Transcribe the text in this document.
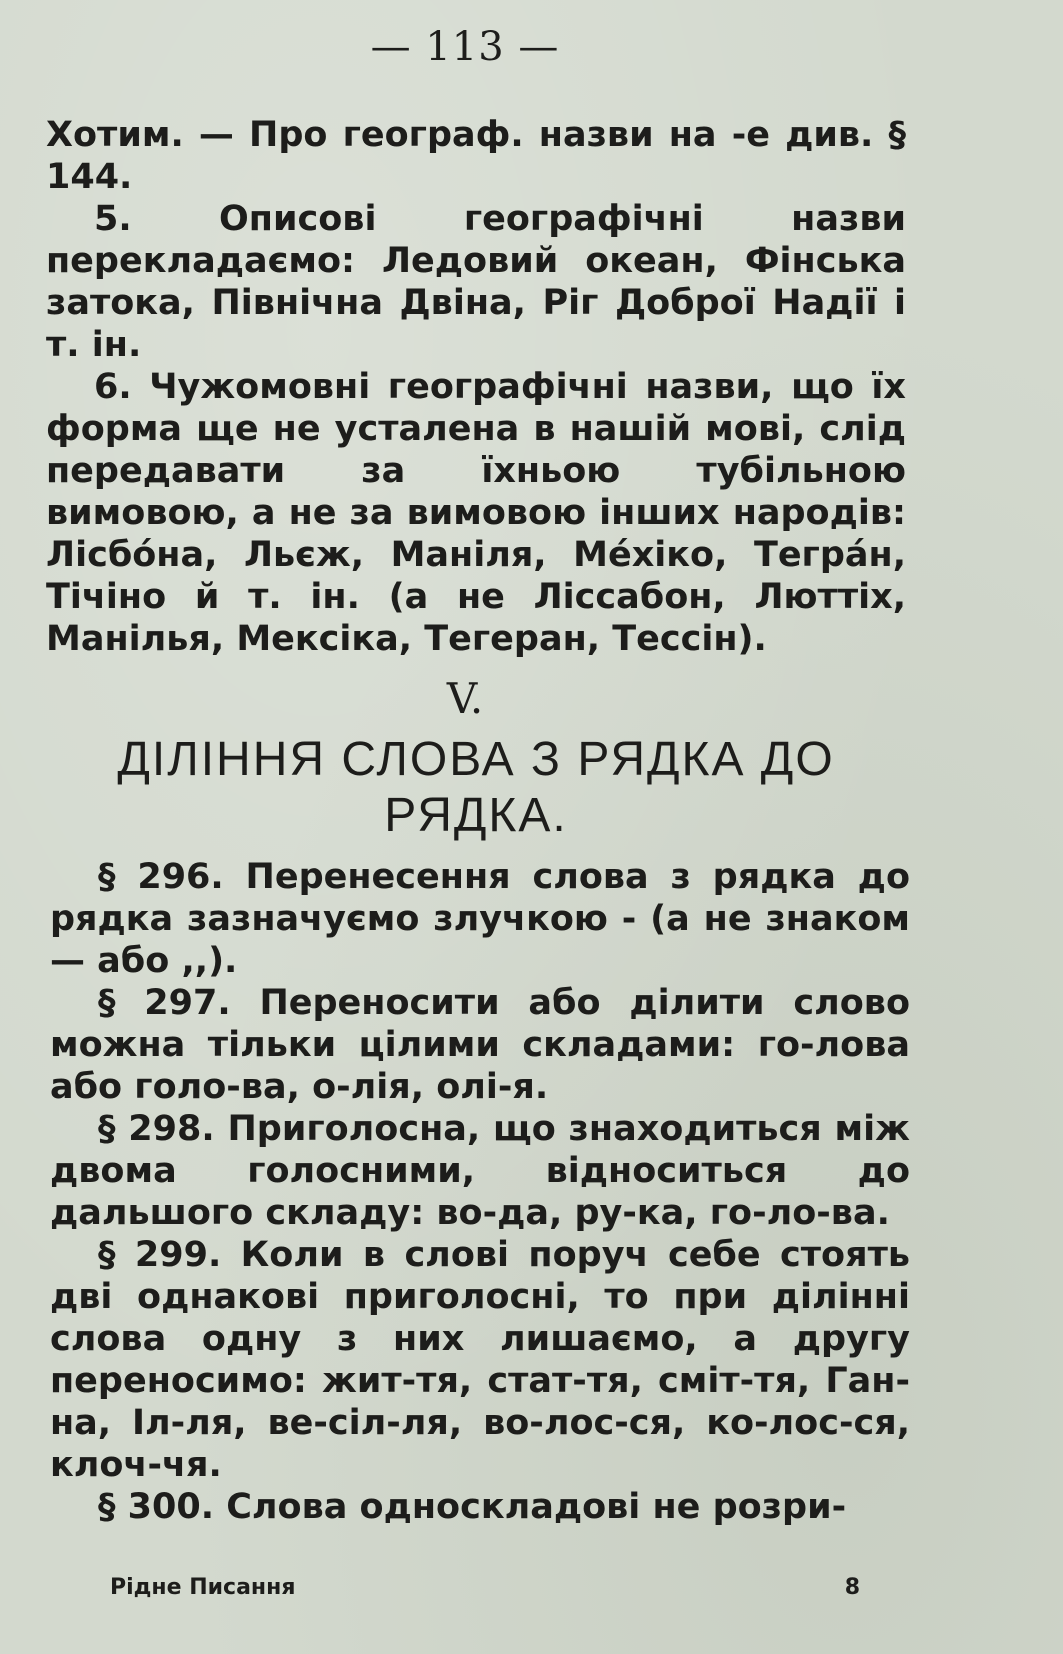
— 113 —

Хотим. — Про географ. назви на -е див. § 144.

5. Описові географічні назви перекладаємо: Ледовий океан, Фінська затока, Північна Двіна, Ріг Доброї Надії і т. ін.

6. Чужомовні географічні назви, що їх форма ще не усталена в нашій мові, слід передавати за їхньою тубільною вимовою, а не за вимовою інших народів: Лісбо́на, Льєж, Маніля, Ме́хіко, Тегра́н, Тічіно й т. ін. (а не Ліссабон, Люттіх, Манілья, Мексіка, Тегеран, Тессін).

V.
ДІЛІННЯ СЛОВА З РЯДКА ДО РЯДКА.

§ 296. Перенесення слова з рядка до рядка зазначуємо злучкою - (а не знаком — або ,,).

§ 297. Переносити або ділити слово можна тільки цілими складами: го-лова або голо-ва, о-лія, олі-я.

§ 298. Приголосна, що знаходиться між двома голосними, відноситься до дальшого складу: во-да, ру-ка, го-ло-ва.

§ 299. Коли в слові поруч себе стоять дві однакові приголосні, то при ділінні слова одну з них лишаємо, а другу переносимо: жит-тя, стат-тя, сміт-тя, Ган-на, Іл-ля, ве-сіл-ля, во-лос-ся, ко-лос-ся, клоч-чя.

§ 300. Слова односкладові не розри-

Рідне Писання	8
